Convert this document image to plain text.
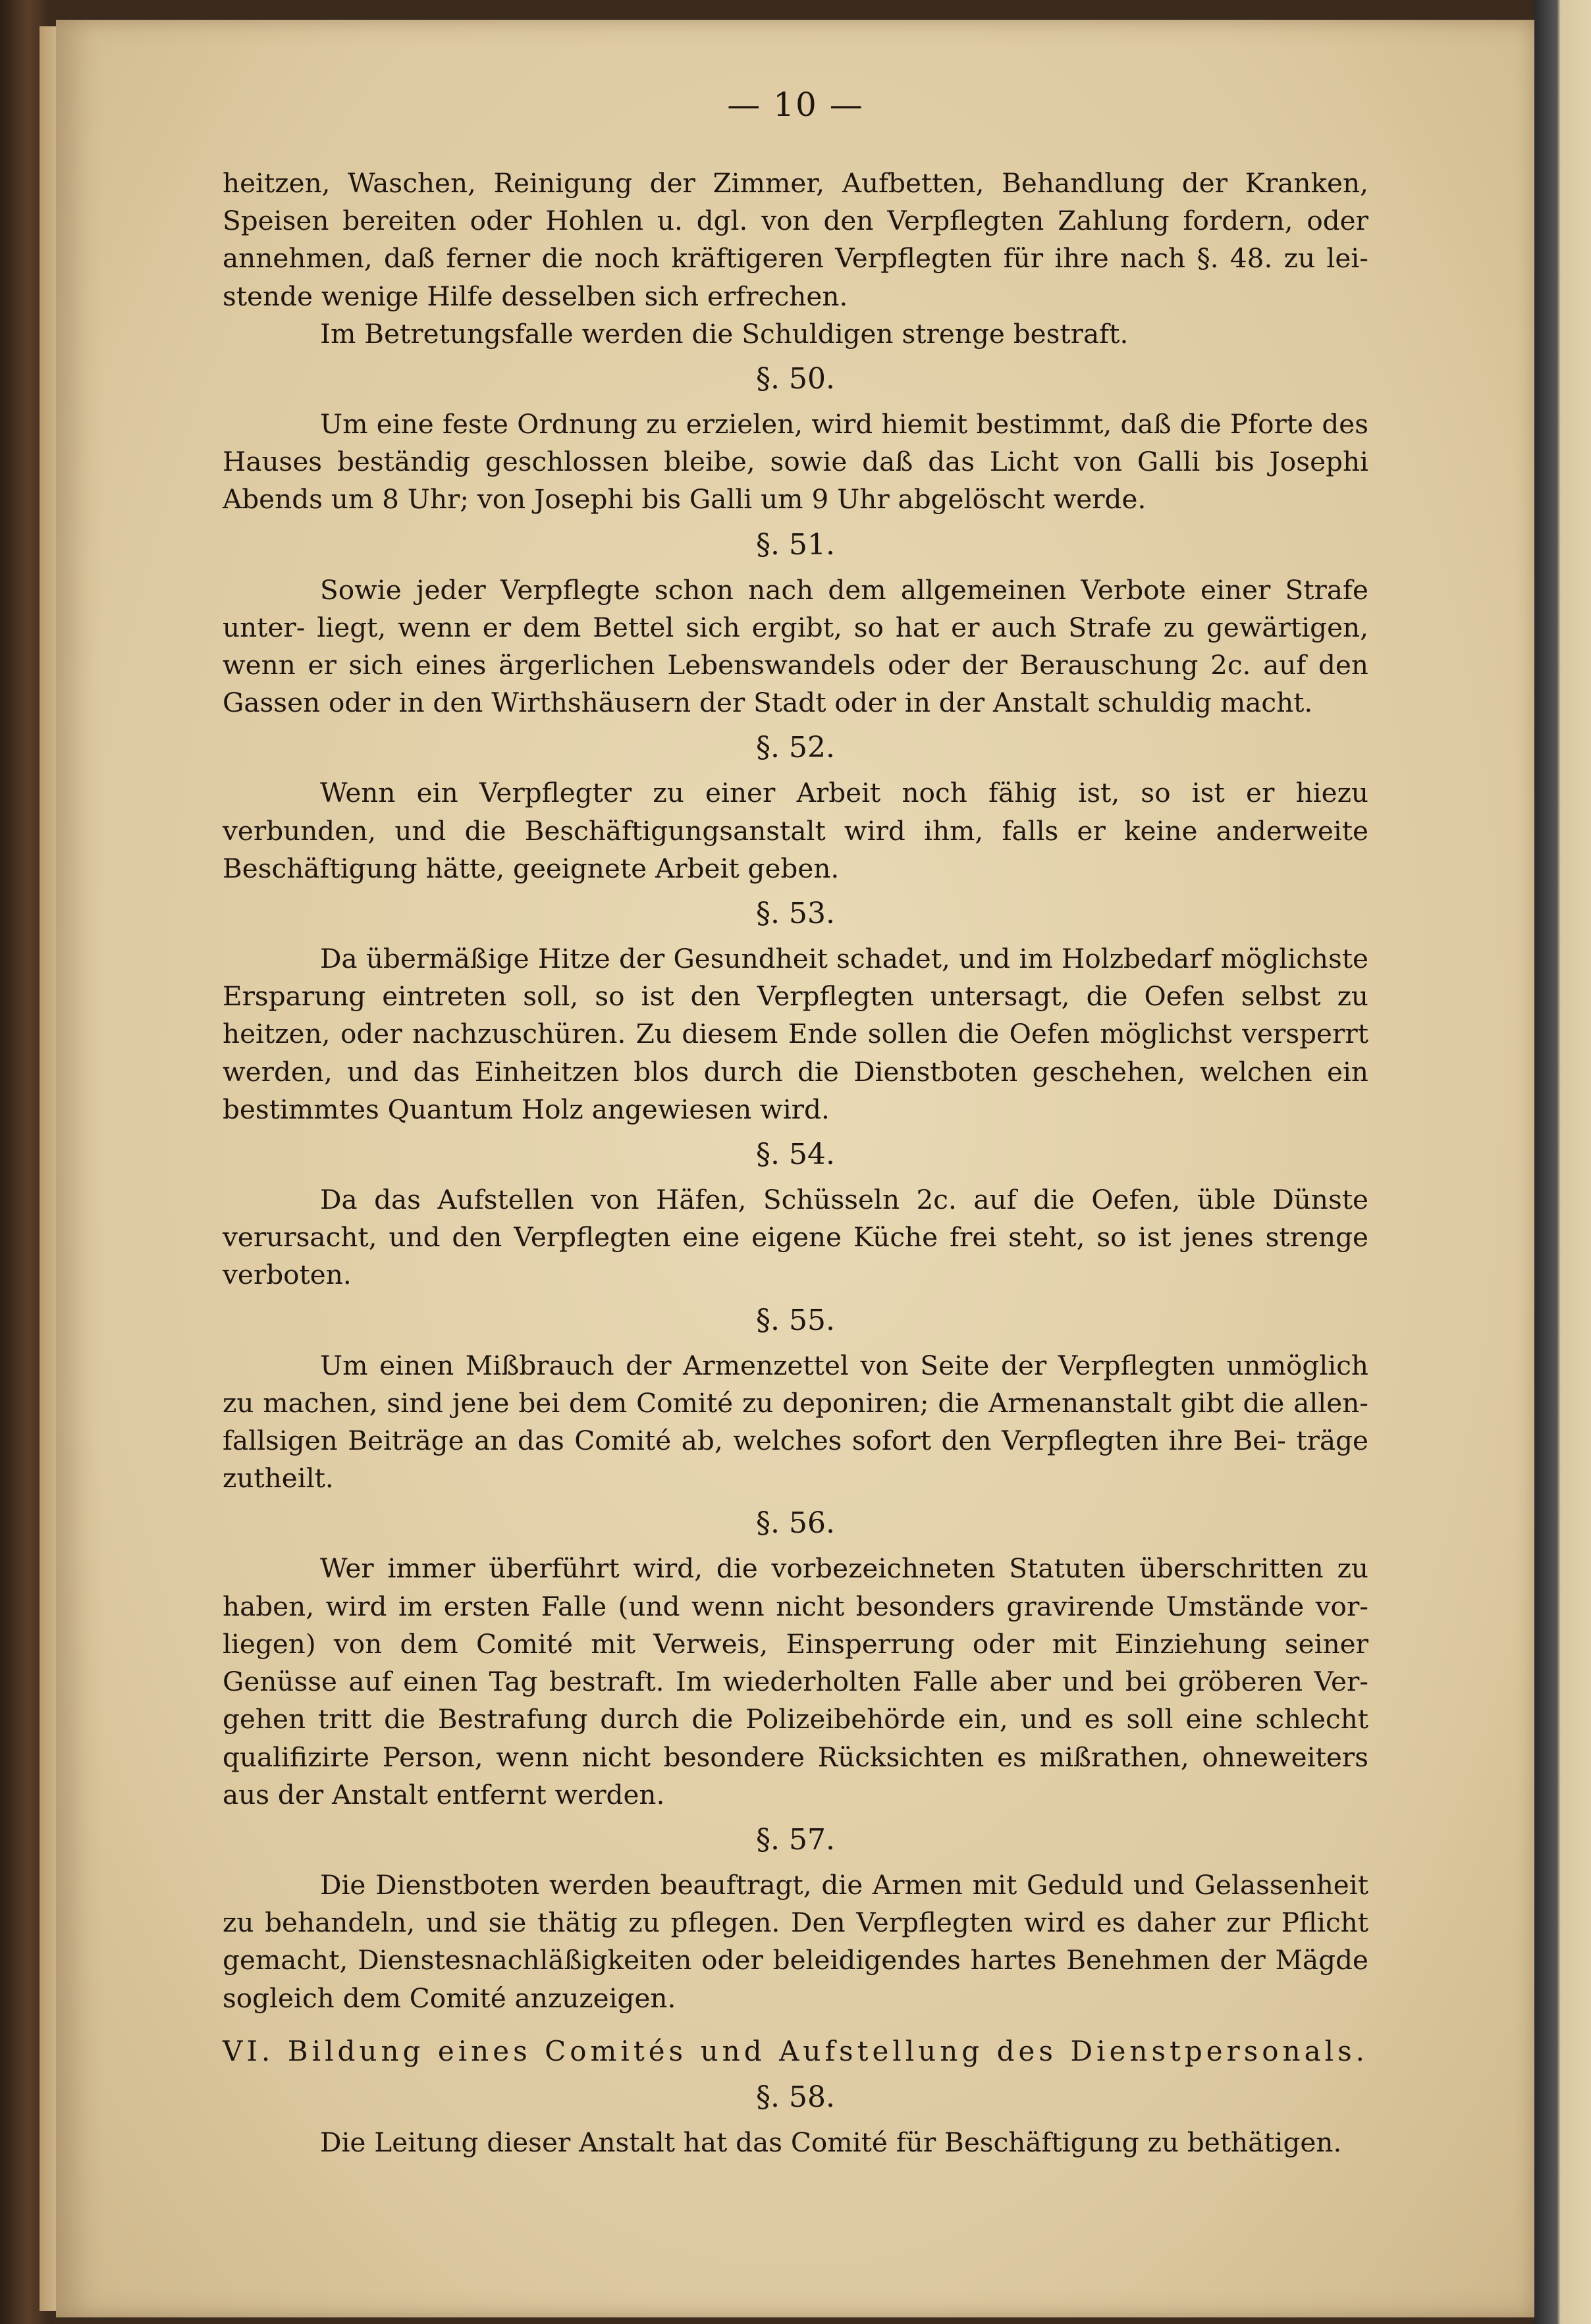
— 10 —

heitzen, Waschen, Reinigung der Zimmer, Aufbetten, Behandlung der Kranken, Speisen bereiten oder Hohlen u. dgl. von den Verpflegten Zahlung fordern, oder annehmen, daß ferner die noch kräftigeren Verpflegten für ihre nach §. 48. zu lei- stende wenige Hilfe desselben sich erfrechen.

Im Betretungsfalle werden die Schuldigen strenge bestraft.

§. 50.

Um eine feste Ordnung zu erzielen, wird hiemit bestimmt, daß die Pforte des Hauses beständig geschlossen bleibe, sowie daß das Licht von Galli bis Josephi Abends um 8 Uhr; von Josephi bis Galli um 9 Uhr abgelöscht werde.

§. 51.

Sowie jeder Verpflegte schon nach dem allgemeinen Verbote einer Strafe unter- liegt, wenn er dem Bettel sich ergibt, so hat er auch Strafe zu gewärtigen, wenn er sich eines ärgerlichen Lebenswandels oder der Berauschung 2c. auf den Gassen oder in den Wirthshäusern der Stadt oder in der Anstalt schuldig macht.

§. 52.

Wenn ein Verpflegter zu einer Arbeit noch fähig ist, so ist er hiezu verbunden, und die Beschäftigungsanstalt wird ihm, falls er keine anderweite Beschäftigung hätte, geeignete Arbeit geben.

§. 53.

Da übermäßige Hitze der Gesundheit schadet, und im Holzbedarf möglichste Ersparung eintreten soll, so ist den Verpflegten untersagt, die Oefen selbst zu heitzen, oder nachzuschüren. Zu diesem Ende sollen die Oefen möglichst versperrt werden, und das Einheitzen blos durch die Dienstboten geschehen, welchen ein bestimmtes Quantum Holz angewiesen wird.

§. 54.

Da das Aufstellen von Häfen, Schüsseln 2c. auf die Oefen, üble Dünste verursacht, und den Verpflegten eine eigene Küche frei steht, so ist jenes strenge verboten.

§. 55.

Um einen Mißbrauch der Armenzettel von Seite der Verpflegten unmöglich zu machen, sind jene bei dem Comité zu deponiren; die Armenanstalt gibt die allen- fallsigen Beiträge an das Comité ab, welches sofort den Verpflegten ihre Bei- träge zutheilt.

§. 56.

Wer immer überführt wird, die vorbezeichneten Statuten überschritten zu haben, wird im ersten Falle (und wenn nicht besonders gravirende Umstände vor- liegen) von dem Comité mit Verweis, Einsperrung oder mit Einziehung seiner Genüsse auf einen Tag bestraft. Im wiederholten Falle aber und bei gröberen Ver- gehen tritt die Bestrafung durch die Polizeibehörde ein, und es soll eine schlecht qualifizirte Person, wenn nicht besondere Rücksichten es mißrathen, ohneweiters aus der Anstalt entfernt werden.

§. 57.

Die Dienstboten werden beauftragt, die Armen mit Geduld und Gelassenheit zu behandeln, und sie thätig zu pflegen. Den Verpflegten wird es daher zur Pflicht gemacht, Dienstesnachläßigkeiten oder beleidigendes hartes Benehmen der Mägde sogleich dem Comité anzuzeigen.

VI. Bildung eines Comités und Aufstellung des Dienstpersonals.
§. 58.

Die Leitung dieser Anstalt hat das Comité für Beschäftigung zu bethätigen.
